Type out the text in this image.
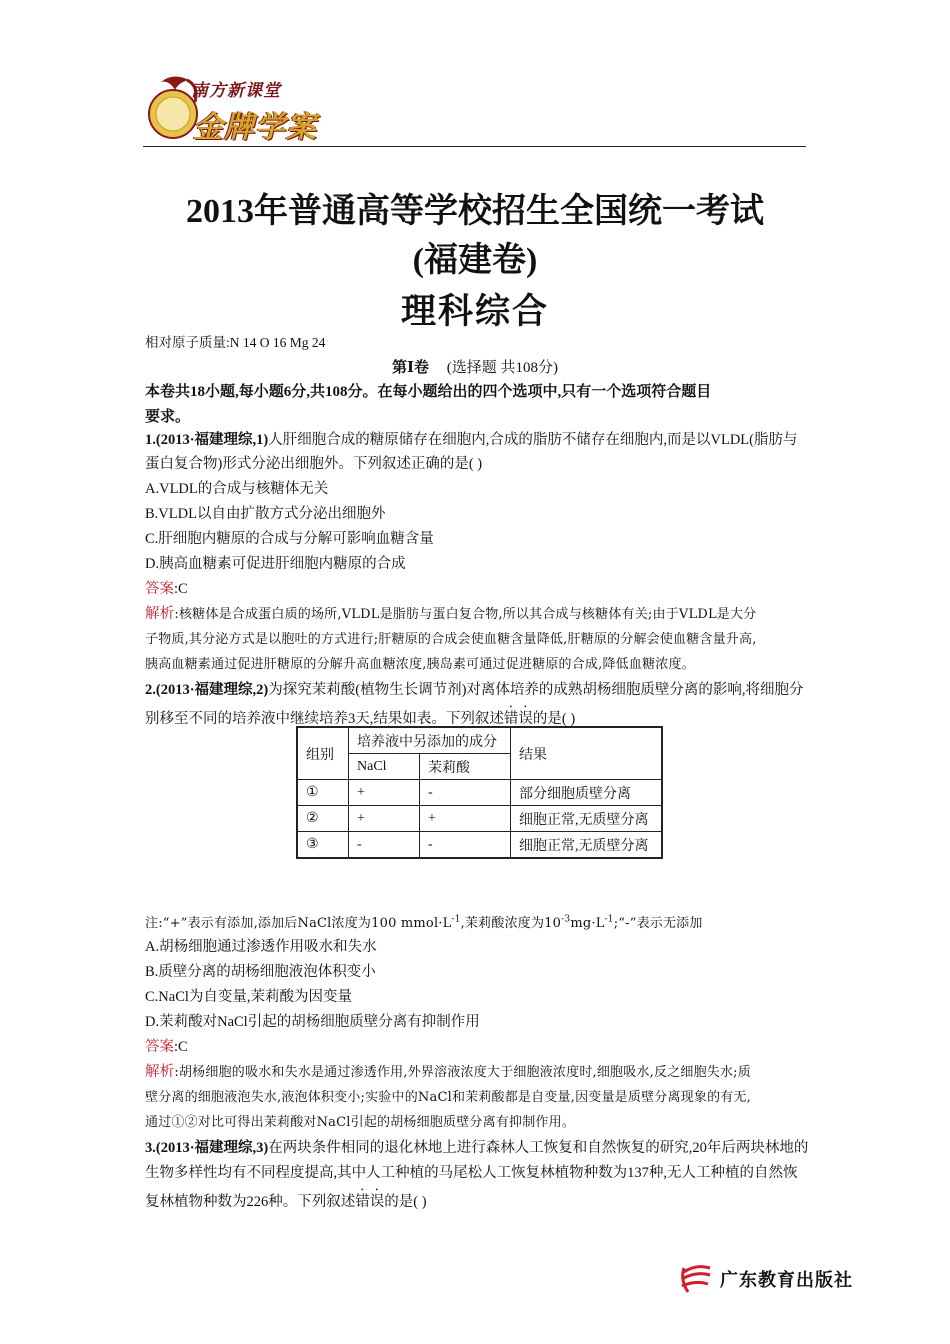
南方新课堂
金牌学案
2013年普通高等学校招生全国统一考试
(福建卷)
理科综合
相对原子质量:N 14 O 16 Mg 24
第Ⅰ卷 (选择题 共108分)
本卷共18小题,每小题6分,共108分。在每小题给出的四个选项中,只有一个选项符合题目
要求。
1.(2013·福建理综,1)人肝细胞合成的糖原储存在细胞内,合成的脂肪不储存在细胞内,而是以VLDL(脂肪与
蛋白复合物)形式分泌出细胞外。下列叙述正确的是( )
A.VLDL的合成与核糖体无关
B.VLDL以自由扩散方式分泌出细胞外
C.肝细胞内糖原的合成与分解可影响血糖含量
D.胰高血糖素可促进肝细胞内糖原的合成
答案:C
解析:核糖体是合成蛋白质的场所,VLDL是脂肪与蛋白复合物,所以其合成与核糖体有关;由于VLDL是大分
子物质,其分泌方式是以胞吐的方式进行;肝糖原的合成会使血糖含量降低,肝糖原的分解会使血糖含量升高,
胰高血糖素通过促进肝糖原的分解升高血糖浓度,胰岛素可通过促进糖原的合成,降低血糖浓度。
2.(2013·福建理综,2)为探究茉莉酸(植物生长调节剂)对离体培养的成熟胡杨细胞质壁分离的影响,将细胞分
别移至不同的培养液中继续培养3天,结果如表。下列叙述错误的是( )
组别	培养液中另添加的成分		结果
	NaCl	茉莉酸	
①	+	-	部分细胞质壁分离
②	+	+	细胞正常,无质壁分离
③	-	-	细胞正常,无质壁分离
注:“+”表示有添加,添加后NaCl浓度为100 $mmol\cdot L^{-1}$,茉莉酸浓度为$10^{-3}mg\cdot L^{-1};“-$”表示无添加
A.胡杨细胞通过渗透作用吸水和失水
B.质壁分离的胡杨细胞液泡体积变小
C.NaCl为自变量,茉莉酸为因变量
D.茉莉酸对NaCl引起的胡杨细胞质壁分离有抑制作用
答案:C
解析:胡杨细胞的吸水和失水是通过渗透作用,外界溶液浓度大于细胞液浓度时,细胞吸水,反之细胞失水;质
壁分离的细胞液泡失水,液泡体积变小;实验中的NaCl和茉莉酸都是自变量,因变量是质壁分离现象的有无,
通过①②对比可得出茉莉酸对NaCl引起的胡杨细胞质壁分离有抑制作用。
3.(2013·福建理综,3)在两块条件相同的退化林地上进行森林人工恢复和自然恢复的研究,20年后两块林地的
生物多样性均有不同程度提高,其中人工种植的马尾松人工恢复林植物种数为137种,无人工种植的自然恢
复林植物种数为226种。下列叙述错误的是( )
广东教育出版社
